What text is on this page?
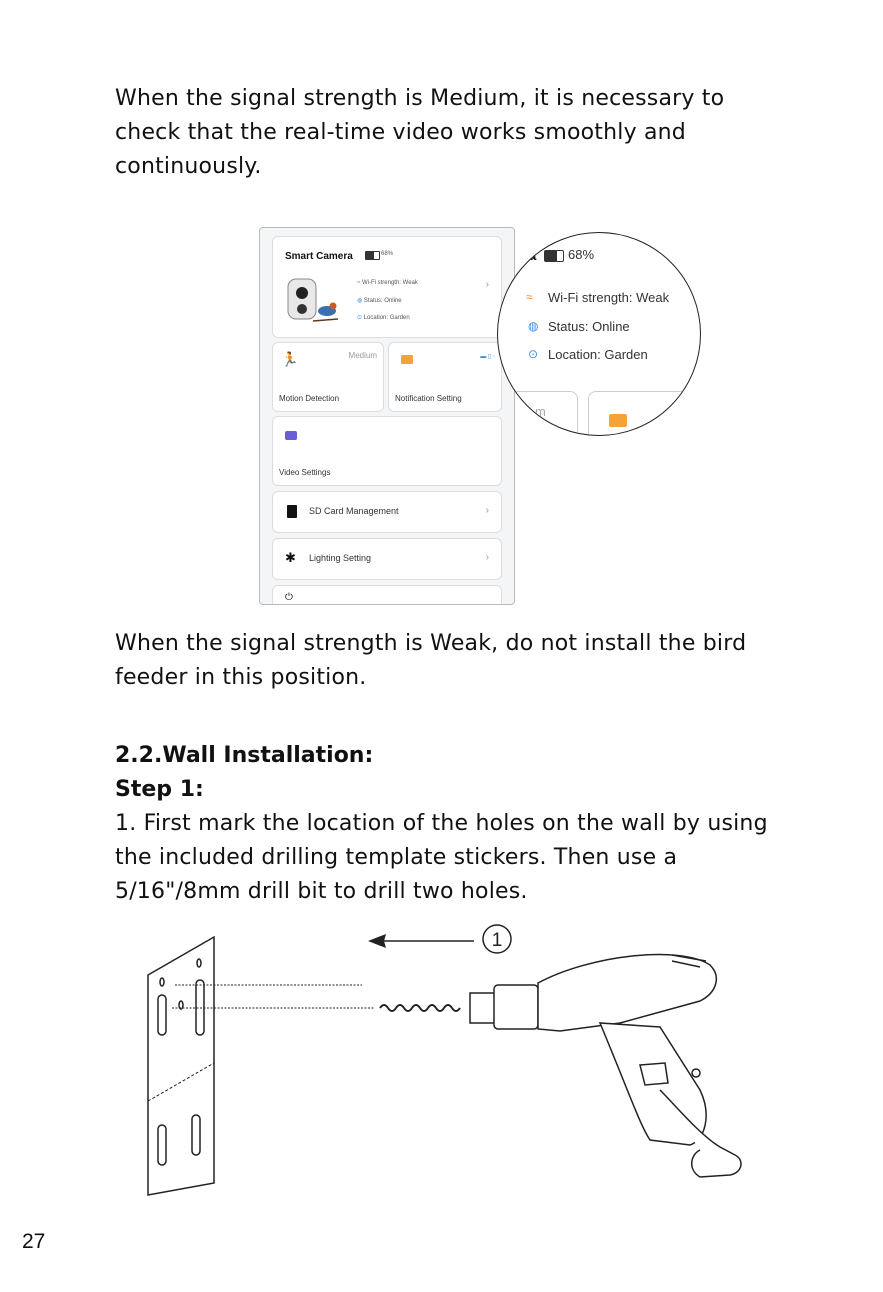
When the signal strength is Medium, it is necessary to
check that the real-time video works smoothly and
continuously.
Smart Camera	68%
≈ Wi-Fi strength: Weak
◍ Status: Online
⊙ Location: Garden
›
🏃	Medium
Motion Detection
▬ ▯ ◦
Notification Setting
Video Settings
SD Card Management	›
✱ Lighting Setting	›
⏻
a 68%
≈ Wi-Fi strength: Weak
◍ Status: Online
⊙ Location: Garden
m
When the signal strength is Weak, do not install the bird
feeder in this position.
2.2.Wall Installation:
Step 1:
1. First mark the location of the holes on the wall by using
the included drilling template stickers. Then use a
5/16"/8mm drill bit to drill two holes.
1
27
